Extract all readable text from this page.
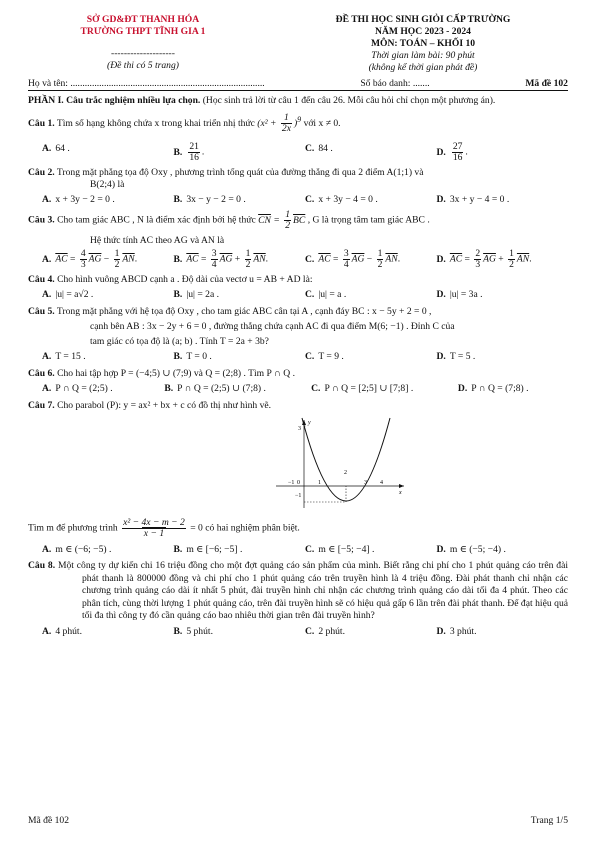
SỞ GD&ĐT THANH HÓA
TRƯỜNG THPT TĨNH GIA 1
--------------------
(Đề thi có 5 trang)
ĐỀ THI HỌC SINH GIỎI CẤP TRƯỜNG
NĂM HỌC 2023 - 2024
MÔN: TOÁN – KHỐI 10
Thời gian làm bài: 90 phút
(không kể thời gian phát đề)
Họ và tên: .................................................................................	Số báo danh: .......	Mã đề 102
PHẦN I. Câu trắc nghiệm nhiều lựa chọn. (Học sinh trả lời từ câu 1 đến câu 26. Mỗi câu hỏi chỉ chọn một phương án).
Câu 1. Tìm số hạng không chứa x trong khai triển nhị thức $(x^2 + \frac{1}{2x} )^9$ với x ≠ 0.
A. 64 .	B. $\frac{21}{16}$ .	C. 84 .	D. $\frac{27}{16}$ .
Câu 2. Trong mặt phẳng tọa độ Oxy , phương trình tổng quát của đường thẳng đi qua 2 điểm A(1;1) và
B(2;4) là
A. x + 3y − 2 = 0 .	B. 3x − y − 2 = 0 .	C. x + 3y − 4 = 0 .	D. 3x + y − 4 = 0 .
Câu 3. Cho tam giác ABC , N là điểm xác định bởi hệ thức $\overline{CN} = \frac{1}{2} \overline{BC}$ , G là trọng tâm tam giác ABC .
Hệ thức tính AC theo AG và AN là
A. $\overline{AC} = \frac{4}{3} \overline{AG} - \frac{1}{2} \overline{AN}$.	B. $\overline{AC} = \frac{3}{4} \overline{AG} + \frac{1}{2} \overline{AN}$.	C. $\overline{AC} = \frac{3}{4} \overline{AG} - \frac{1}{2} \overline{AN}$.	D. $\overline{AC} = \frac{2}{3} \overline{AG} + \frac{1}{2} \overline{AN}$.
Câu 4. Cho hình vuông ABCD cạnh a . Độ dài của vectơ u = AB + AD là:
A. |u| = a√2 .	B. |u| = 2a .	C. |u| = a .	D. |u| = 3a .
Câu 5. Trong mặt phẳng với hệ tọa độ Oxy , cho tam giác ABC cân tại A , cạnh đáy BC : x − 5y + 2 = 0 ,
cạnh bên AB : 3x − 2y + 6 = 0 , đường thẳng chứa cạnh AC đi qua điểm M(6; −1) . Đỉnh C của
tam giác có tọa độ là (a; b) . Tính T = 2a + 3b?
A. T = 15 .	B. T = 0 .	C. T = 9 .	D. T = 5 .
Câu 6. Cho hai tập hợp P = (−4;5) ∪ (7;9) và Q = (2;8) . Tìm P ∩ Q .
A. P ∩ Q = (2;5) .	B. P ∩ Q = (2;5) ∪ (7;8) .	C. P ∩ Q = [2;5] ∪ [7;8] .	D. P ∩ Q = (7;8) .
Câu 7. Cho parabol (P): y = ax² + bx + c có đồ thị như hình vẽ.
y
x
3
−1
−1 0	1	3 4
2
Tìm m để phương trình $\frac{\text{x² − 4x − m − 2}}{x - 1} = 0$ có hai nghiệm phân biệt.
A. m ∈ (−6; −5) .	B. m ∈ [−6; −5] .	C. m ∈ [−5; −4] .	D. m ∈ (−5; −4) .
Câu 8. Một công ty dự kiến chi 16 triệu đồng cho một đợt quảng cáo sản phẩm của mình. Biết rằng chi phí cho 1 phút quảng cáo trên đài phát thanh là 800000 đồng và chi phí cho 1 phút quảng cáo trên truyền hình là 4 triệu đồng. Đài phát thanh chỉ nhận các chương trình quảng cáo dài ít nhất 5 phút, đài truyền hình chỉ nhận các chương trình quảng cáo dài tối đa 4 phút. Theo các phân tích, cùng thời lượng 1 phút quảng cáo, trên đài truyền hình sẽ có hiệu quả gấp 6 lần trên đài phát thanh. Để đạt hiệu quả tối đa thì công ty đó cần quảng cáo bao nhiêu thời gian trên đài truyền hình?
A. 4 phút.	B. 5 phút.	C. 2 phút.	D. 3 phút.
Mã đề 102	Trang 1/5
